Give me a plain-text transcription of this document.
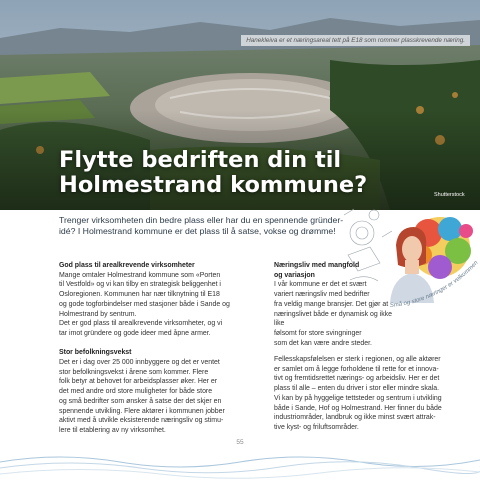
Hanekleiva er et næringsareal tett på E18 som rommer plasskrevende næring.
Flytte bedriften din til
Holmestrand kommune?	Shutterstock
Små og store næringer er velkommen

Trenger virksomheten din bedre plass eller har du en spennende gründer-idé? I Holmestrand kommune er det plass til å satse, vokse og drømme!

God plass til arealkrevende virksomheter

Mange omtaler Holmestrand kommune som «Porten

til Vestfold» og vi kan tilby en strategisk beliggenhet i

Osloregionen. Kommunen har nær tilknytning til E18

og gode togforbindelser med stasjoner både i Sande og

Holmestrand by sentrum.

Det er god plass til arealkrevende virksomheter, og vi

tar imot gründere og gode ideer med åpne armer.

Stor befolkningsvekst

Det er i dag over 25 000 innbyggere og det er ventet

stor befolkningsvekst i årene som kommer. Flere

folk betyr at behovet for arbeidsplasser øker. Her er

det med andre ord store muligheter for både store

og små bedrifter som ønsker å satse der det skjer en

spennende utvikling. Flere aktører i kommunen jobber

aktivt med å utvikle eksisterende næringsliv og stimu-

lere til etablering av ny virksomhet.

Næringsliv med mangfold

og variasjon

I vår kommune er det et svært

variert næringsliv med bedrifter

fra veldig mange bransjer. Det gjør at

næringslivet både er dynamisk og ikke like

følsomt for store svingninger

som det kan være andre steder.

Fellesskapsfølelsen er sterk i regionen, og alle aktører

er samlet om å legge forholdene til rette for et innova-

tivt og fremtidsrettet nærings- og arbeidsliv. Her er det

plass til alle – enten du driver i stor eller mindre skala.

Vi kan by på hyggelige tettsteder og sentrum i utvikling

både i Sande, Hof og Holmestrand. Her finner du både

industriområder, landbruk og ikke minst svært attrak-

tive kyst- og friluftsområder.

55
